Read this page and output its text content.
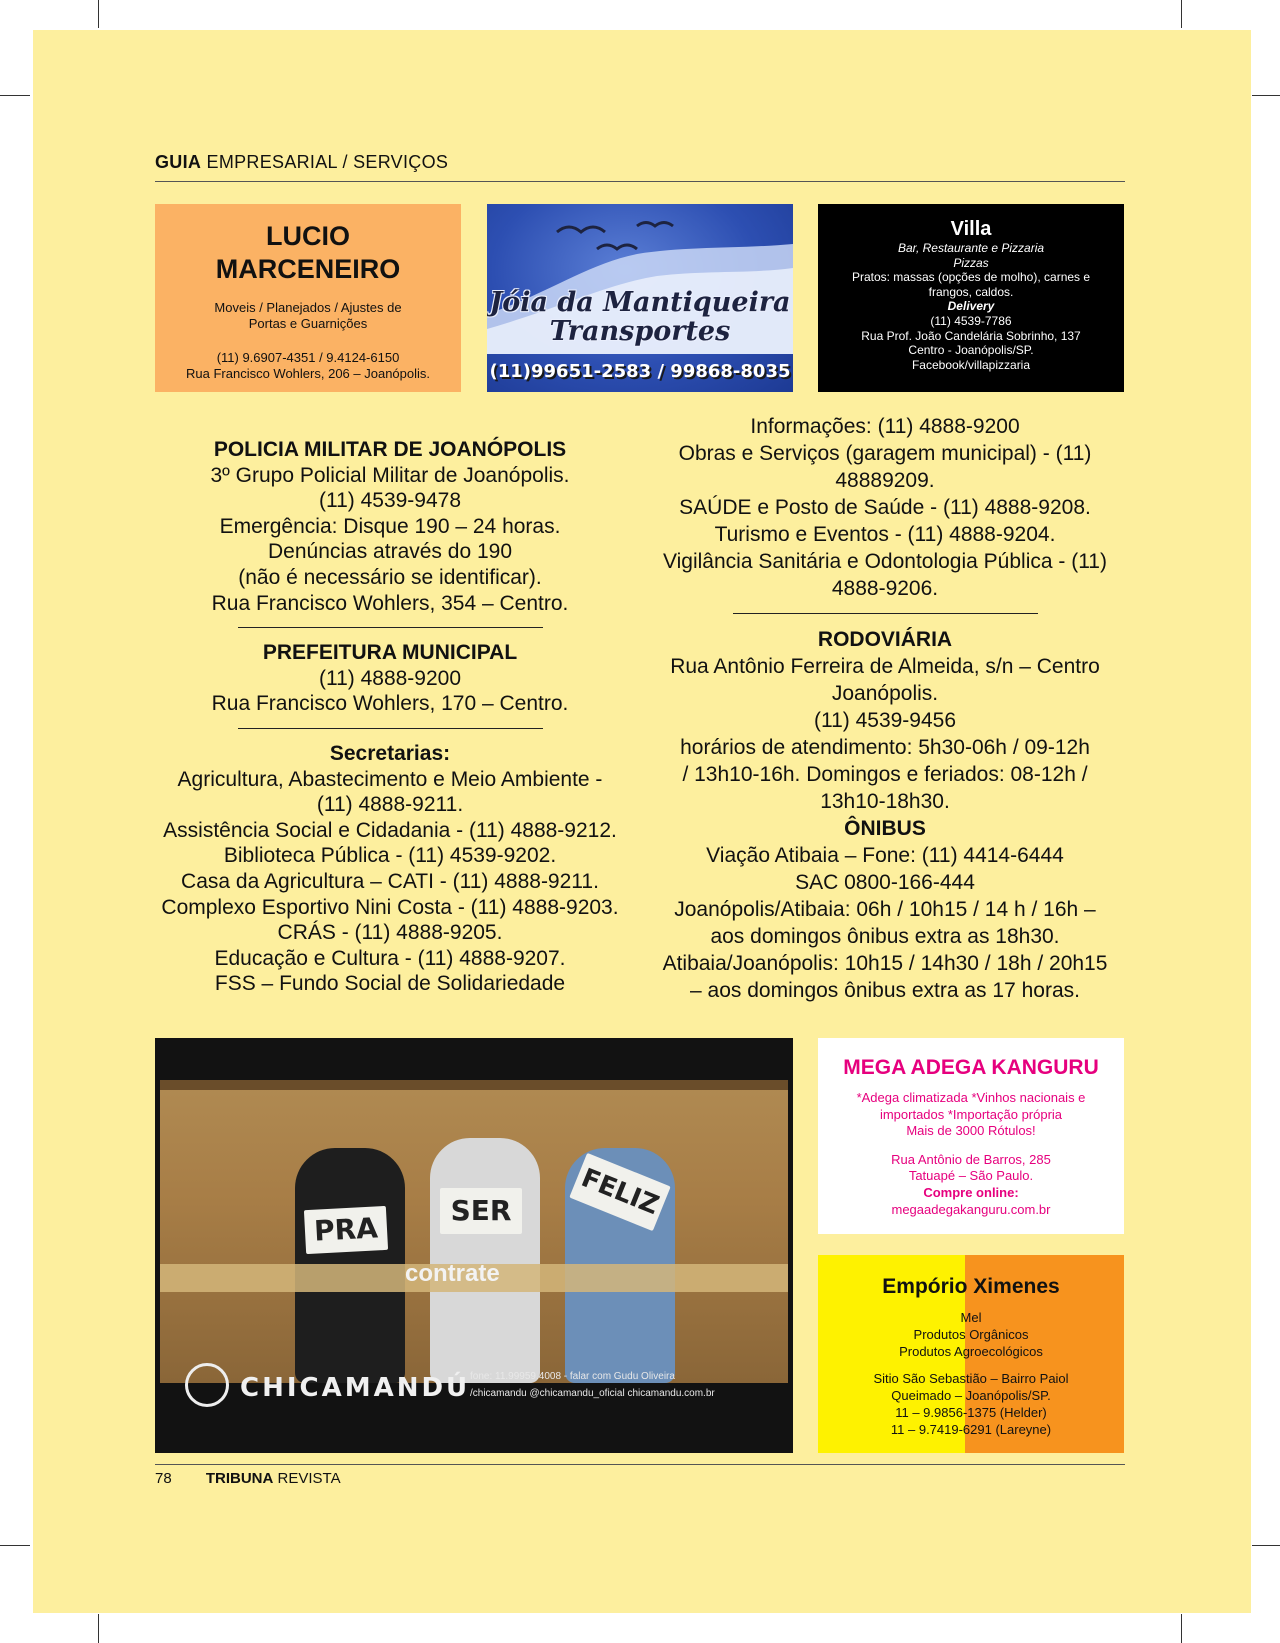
GUIA EMPRESARIAL / SERVIÇOS
LUCIO
MARCENEIRO
Moveis / Planejados / Ajustes de
Portas e Guarnições
(11) 9.6907-4351 / 9.4124-6150
Rua Francisco Wohlers, 206 – Joanópolis.
Jóia da Mantiqueira
Transportes
(11)99651-2583 / 99868-8035
Villa
Bar, Restaurante e Pizzaria
Pizzas
Pratos: massas (opções de molho), carnes e
frangos, caldos.
Delivery
(11) 4539-7786
Rua Prof. João Candelária Sobrinho, 137
Centro - Joanópolis/SP.
Facebook/villapizzaria
POLICIA MILITAR DE JOANÓPOLIS
3º Grupo Policial Militar de Joanópolis.
(11) 4539-9478
Emergência: Disque 190 – 24 horas.
Denúncias através do 190
(não é necessário se identificar).
Rua Francisco Wohlers, 354 – Centro.
PREFEITURA MUNICIPAL
(11) 4888-9200
Rua Francisco Wohlers, 170 – Centro.
Secretarias:
Agricultura, Abastecimento e Meio Ambiente -
(11) 4888-9211.
Assistência Social e Cidadania - (11) 4888-9212.
Biblioteca Pública - (11) 4539-9202.
Casa da Agricultura – CATI - (11) 4888-9211.
Complexo Esportivo Nini Costa - (11) 4888-9203.
CRÁS - (11) 4888-9205.
Educação e Cultura - (11) 4888-9207.
FSS – Fundo Social de Solidariedade
Informações: (11) 4888-9200
Obras e Serviços (garagem municipal) - (11)
48889209.
SAÚDE e Posto de Saúde - (11) 4888-9208.
Turismo e Eventos - (11) 4888-9204.
Vigilância Sanitária e Odontologia Pública - (11)
4888-9206.
RODOVIÁRIA
Rua Antônio Ferreira de Almeida, s/n – Centro
Joanópolis.
(11) 4539-9456
horários de atendimento: 5h30-06h / 09-12h
/ 13h10-16h. Domingos e feriados: 08-12h /
13h10-18h30.
ÔNIBUS
Viação Atibaia – Fone: (11) 4414-6444
SAC 0800-166-444
Joanópolis/Atibaia: 06h / 10h15 / 14 h / 16h –
aos domingos ônibus extra as 18h30.
Atibaia/Joanópolis: 10h15 / 14h30 / 18h / 20h15
– aos domingos ônibus extra as 17 horas.
PRA
SER	FELIZ
contrate
CHICAMANDÚ fone: 11.99959.4008 - falar com Gudu Oliveira
/chicamandu @chicamandu_oficial chicamandu.com.br
MEGA ADEGA KANGURU
*Adega climatizada *Vinhos nacionais e
importados *Importação própria
Mais de 3000 Rótulos!
Rua Antônio de Barros, 285
Tatuapé – São Paulo.
Compre online:
megaadegakanguru.com.br
Empório Ximenes
Mel
Produtos Orgânicos
Produtos Agroecológicos
Sitio São Sebastião – Bairro Paiol
Queimado – Joanópolis/SP.
11 – 9.9856-1375 (Helder)
11 – 9.7419-6291 (Lareyne)
78 TRIBUNA REVISTA
